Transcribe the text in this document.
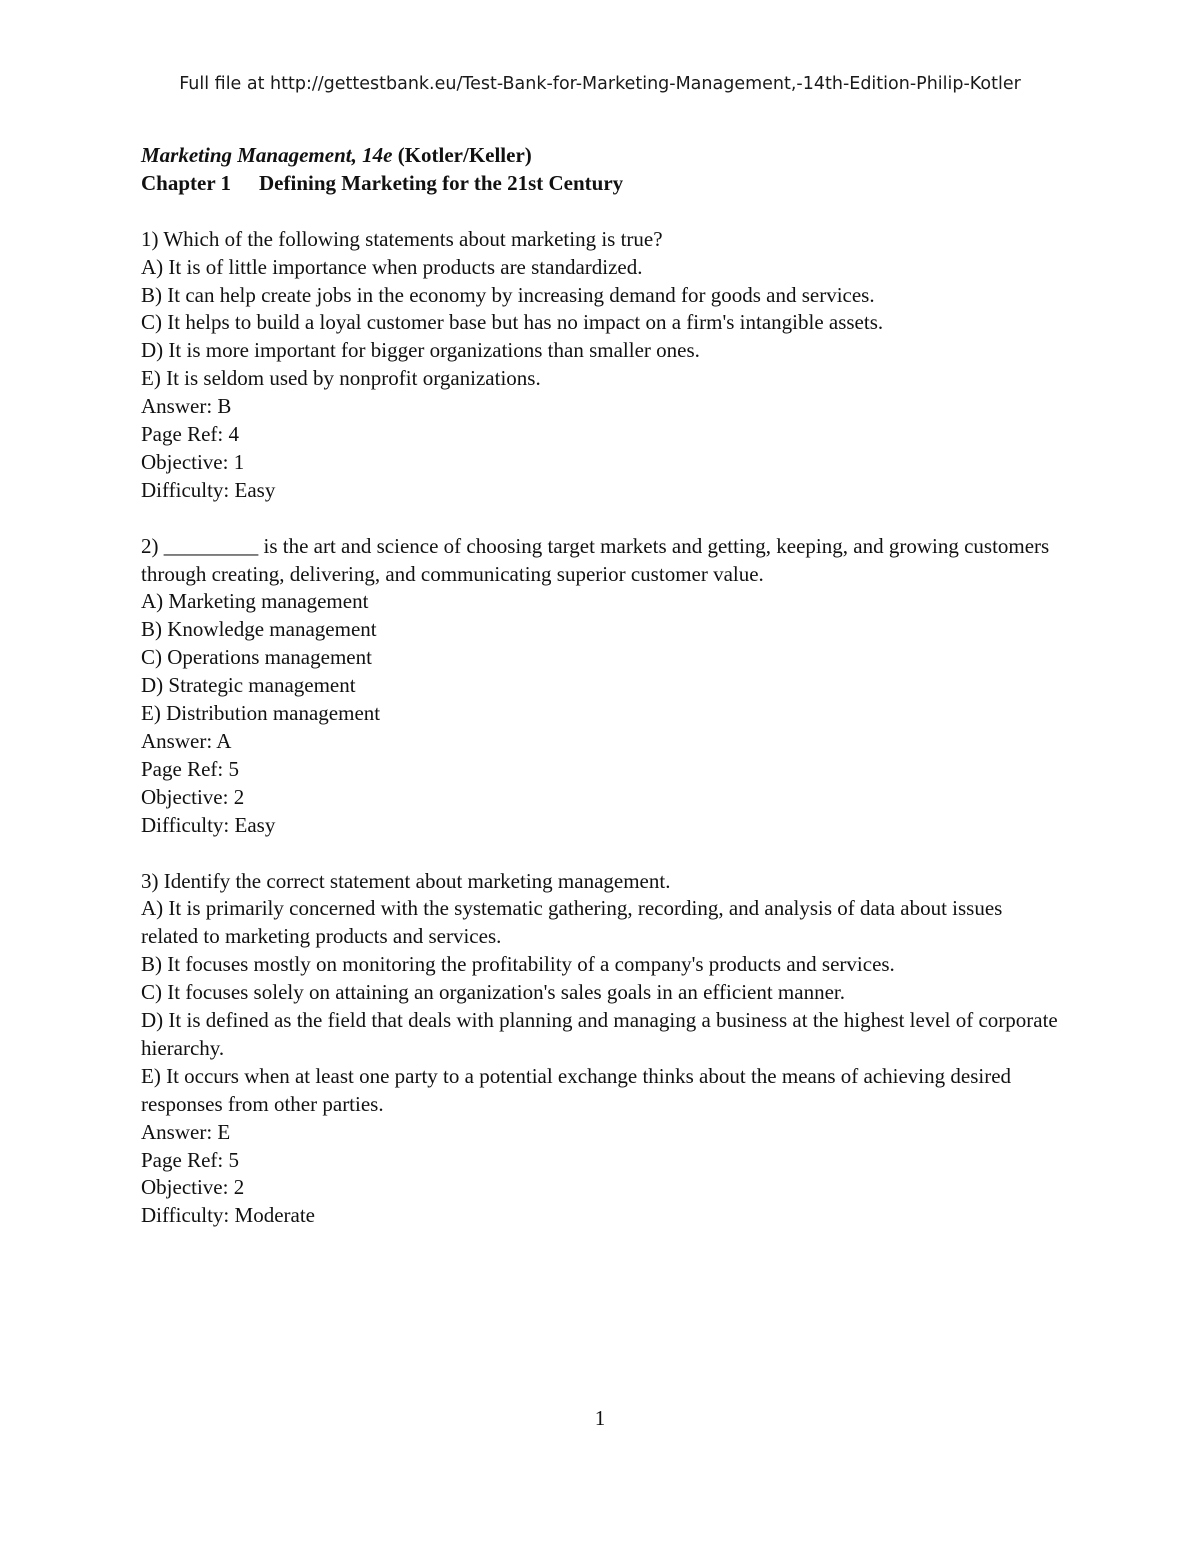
Full file at http://gettestbank.eu/Test-Bank-for-Marketing-Management,-14th-Edition-Philip-Kotler
Marketing Management, 14e (Kotler/Keller)
Chapter 1 Defining Marketing for the 21st Century
1) Which of the following statements about marketing is true?
A) It is of little importance when products are standardized.
B) It can help create jobs in the economy by increasing demand for goods and services.
C) It helps to build a loyal customer base but has no impact on a firm's intangible assets.
D) It is more important for bigger organizations than smaller ones.
E) It is seldom used by nonprofit organizations.
Answer: B
Page Ref: 4
Objective: 1
Difficulty: Easy
2) _________ is the art and science of choosing target markets and getting, keeping, and growing customers through creating, delivering, and communicating superior customer value.
A) Marketing management
B) Knowledge management
C) Operations management
D) Strategic management
E) Distribution management
Answer: A
Page Ref: 5
Objective: 2
Difficulty: Easy
3) Identify the correct statement about marketing management.
A) It is primarily concerned with the systematic gathering, recording, and analysis of data about issues related to marketing products and services.
B) It focuses mostly on monitoring the profitability of a company's products and services.
C) It focuses solely on attaining an organization's sales goals in an efficient manner.
D) It is defined as the field that deals with planning and managing a business at the highest level of corporate hierarchy.
E) It occurs when at least one party to a potential exchange thinks about the means of achieving desired responses from other parties.
Answer: E
Page Ref: 5
Objective: 2
Difficulty: Moderate
1
